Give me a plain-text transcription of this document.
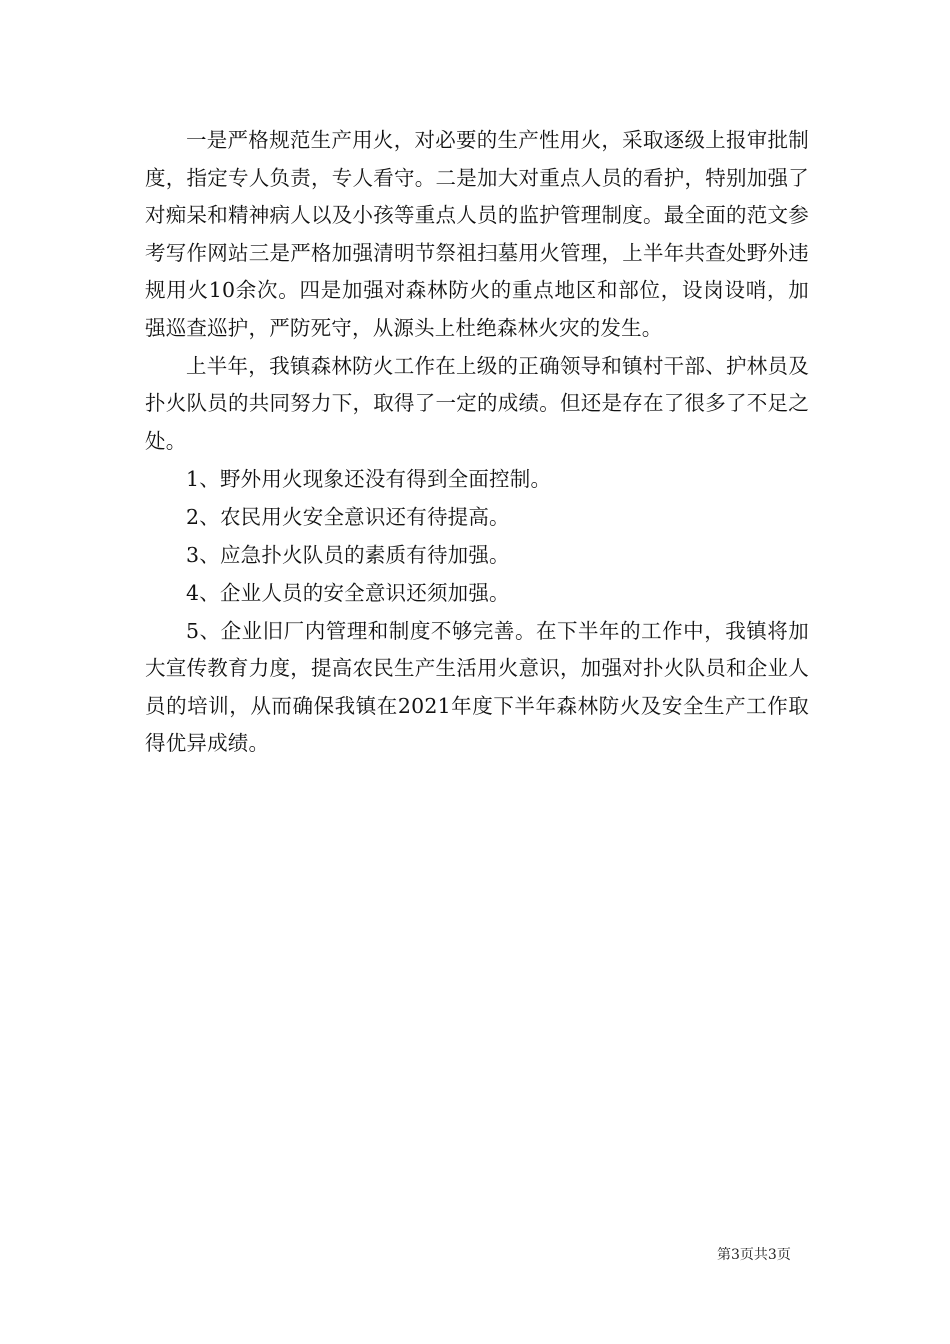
一是严格规范生产用火，对必要的生产性用火，采取逐级上报审批制度，指定专人负责，专人看守。二是加大对重点人员的看护，特别加强了对痴呆和精神病人以及小孩等重点人员的监护管理制度。最全面的范文参考写作网站三是严格加强清明节祭祖扫墓用火管理，上半年共查处野外违规用火10余次。四是加强对森林防火的重点地区和部位，设岗设哨，加强巡查巡护，严防死守，从源头上杜绝森林火灾的发生。

上半年，我镇森林防火工作在上级的正确领导和镇村干部、护林员及扑火队员的共同努力下，取得了一定的成绩。但还是存在了很多了不足之处。

1、野外用火现象还没有得到全面控制。

2、农民用火安全意识还有待提高。

3、应急扑火队员的素质有待加强。

4、企业人员的安全意识还须加强。

5、企业旧厂内管理和制度不够完善。在下半年的工作中，我镇将加大宣传教育力度，提高农民生产生活用火意识，加强对扑火队员和企业人员的培训，从而确保我镇在2021年度下半年森林防火及安全生产工作取得优异成绩。

第3页共3页
